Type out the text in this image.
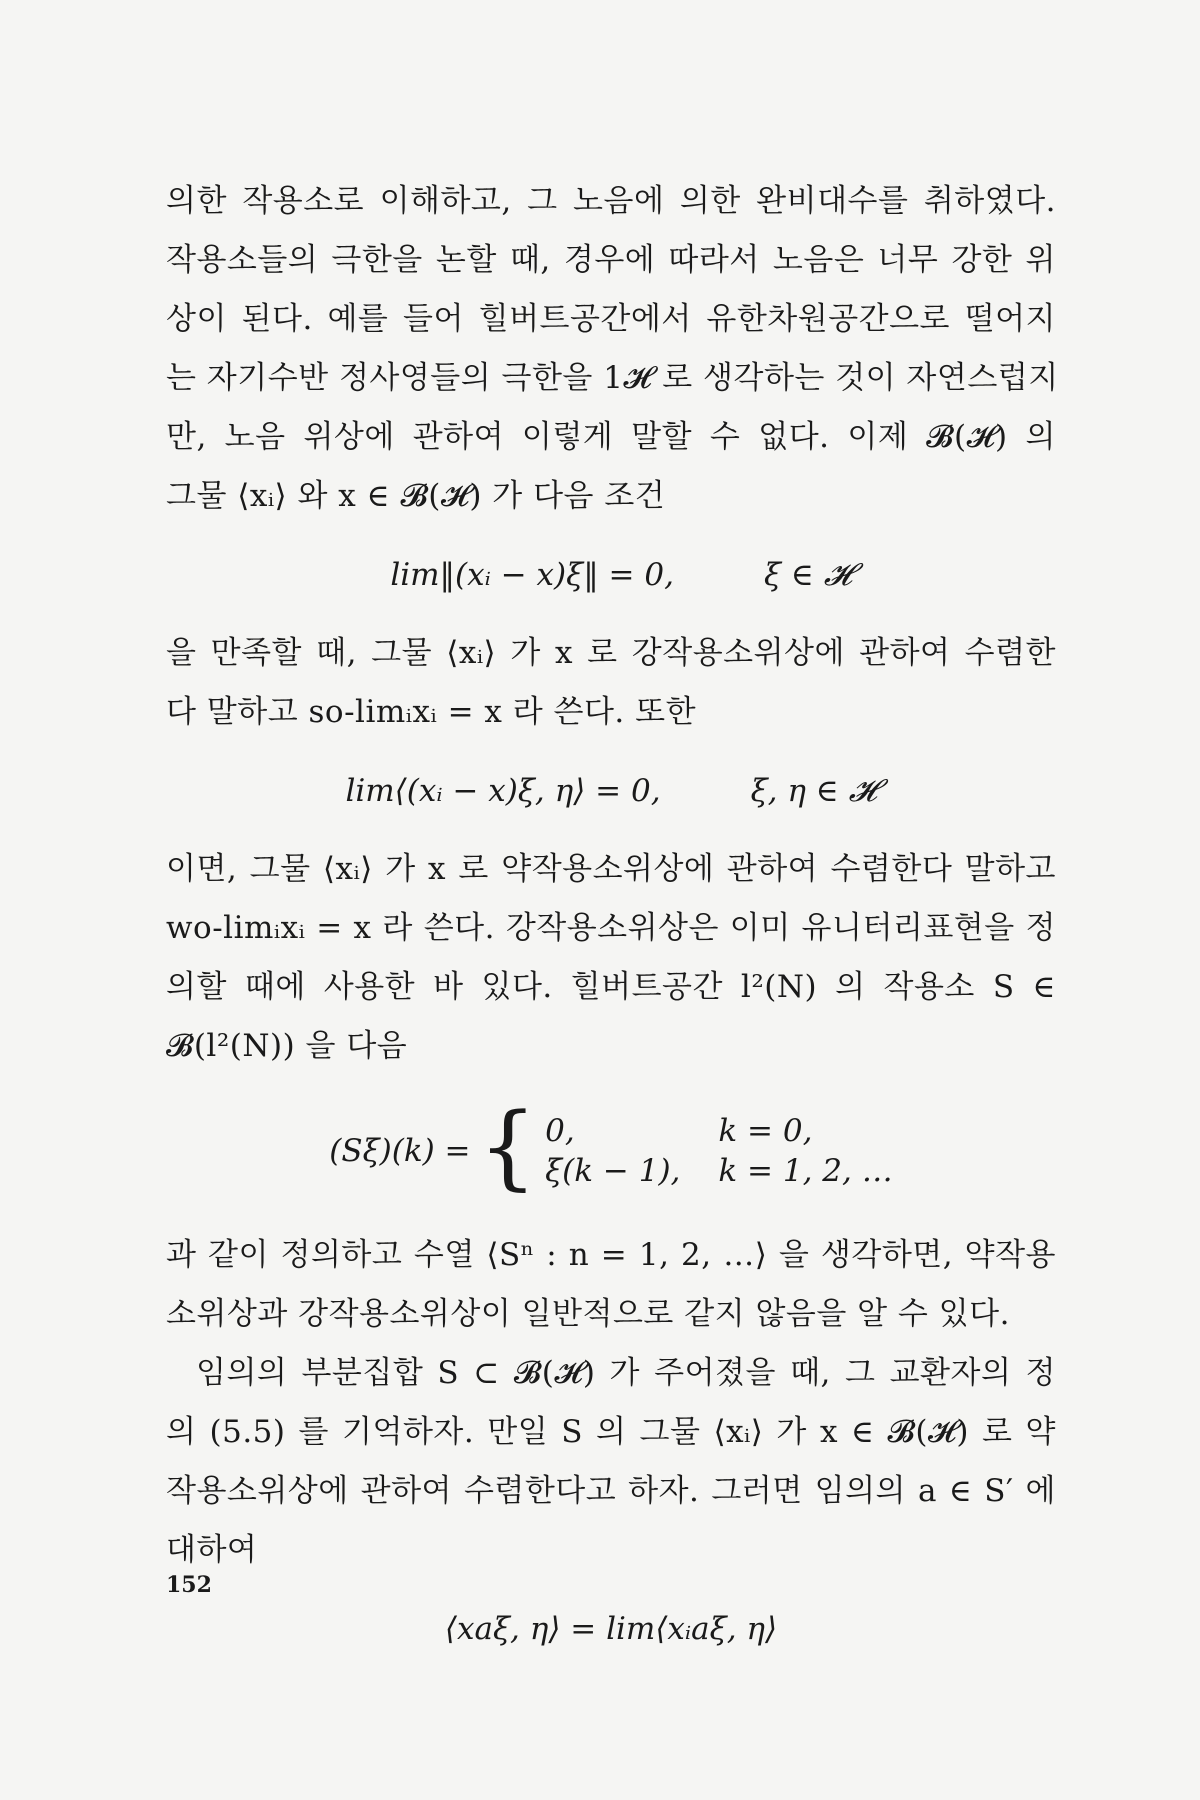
의한 작용소로 이해하고, 그 노음에 의한 완비대수를 취하였다.

작용소들의 극한을 논할 때, 경우에 따라서 노음은 너무 강한 위

상이 된다. 예를 들어 힐버트공간에서 유한차원공간으로 떨어지

는 자기수반 정사영들의 극한을 1𝓗 로 생각하는 것이 자연스럽지

만, 노음 위상에 관하여 이렇게 말할 수 없다. 이제 𝓑(𝓗) 의

그물 ⟨xᵢ⟩ 와 x ∈ 𝓑(𝓗) 가 다음 조건

lim‖(xᵢ − x)ξ‖ = 0,	ξ ∈ 𝓗

을 만족할 때, 그물 ⟨xᵢ⟩ 가 x 로 강작용소위상에 관하여 수렴한

다 말하고 so-limᵢxᵢ = x 라 쓴다. 또한

lim⟨(xᵢ − x)ξ, η⟩ = 0,	ξ, η ∈ 𝓗

이면, 그물 ⟨xᵢ⟩ 가 x 로 약작용소위상에 관하여 수렴한다 말하고

wo-limᵢxᵢ = x 라 쓴다. 강작용소위상은 이미 유니터리표현을 정

의할 때에 사용한 바 있다. 힐버트공간 l²(N) 의 작용소 S ∈

𝓑(l²(N)) 을 다음

(Sξ)(k) = { 0,	k = 0,
ξ(k − 1), k = 1, 2, …

과 같이 정의하고 수열 ⟨Sⁿ : n = 1, 2, …⟩ 을 생각하면, 약작용

소위상과 강작용소위상이 일반적으로 같지 않음을 알 수 있다.

임의의 부분집합 S ⊂ 𝓑(𝓗) 가 주어졌을 때, 그 교환자의 정

의 (5.5) 를 기억하자. 만일 S 의 그물 ⟨xᵢ⟩ 가 x ∈ 𝓑(𝓗) 로 약

작용소위상에 관하여 수렴한다고 하자. 그러면 임의의 a ∈ S′ 에

대하여

⟨xaξ, η⟩ = lim⟨xᵢaξ, η⟩
152
